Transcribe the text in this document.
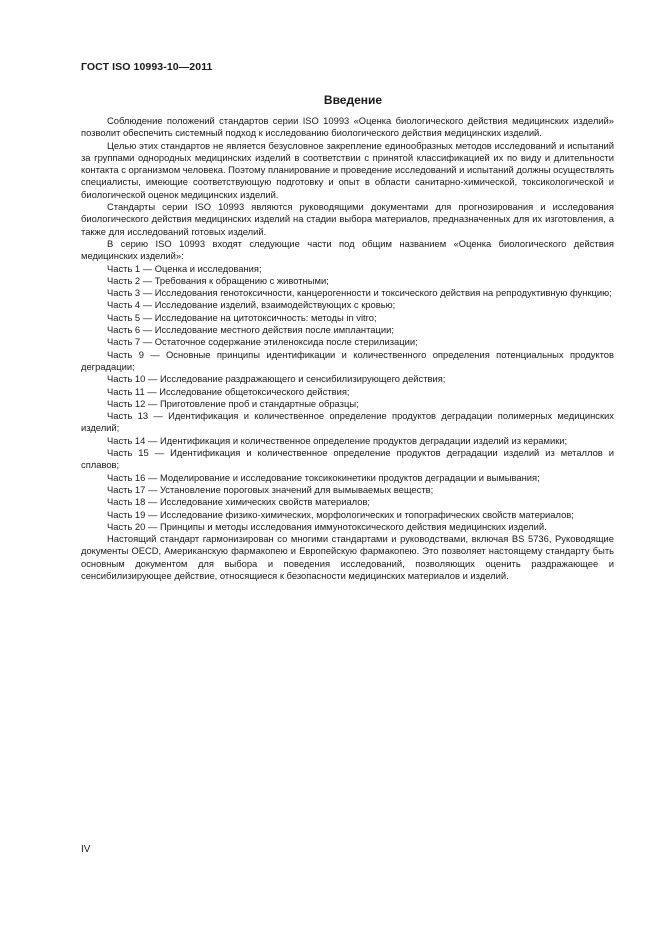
ГОСТ ISO 10993-10—2011
Введение

Соблюдение положений стандартов серии ISO 10993 «Оценка биологического действия медицинских изделий» позволит обеспечить системный подход к исследованию биологического действия медицинских изделий.

Целью этих стандартов не является безусловное закрепление единообразных методов исследований и испытаний за группами однородных медицинских изделий в соответствии с принятой классификацией их по виду и длительности контакта с организмом человека. Поэтому планирование и проведение исследований и испытаний должны осуществлять специалисты, имеющие соответствующую подготовку и опыт в области санитарно-химической, токсикологической и биологической оценок медицинских изделий.

Стандарты серии ISO 10993 являются руководящими документами для прогнозирования и исследования биологического действия медицинских изделий на стадии выбора материалов, предназначенных для их изготовления, а также для исследований готовых изделий.

В серию ISO 10993 входят следующие части под общим названием «Оценка биологического действия медицинских изделий»:

Часть 1 — Оценка и исследования;
Часть 2 — Требования к обращению с животными;
Часть 3 — Исследования генотоксичности, канцерогенности и токсического действия на репродуктивную функцию;
Часть 4 — Исследование изделий, взаимодействующих с кровью;
Часть 5 — Исследование на цитотоксичность: методы in vitro;
Часть 6 — Исследование местного действия после имплантации;
Часть 7 — Остаточное содержание этиленоксида после стерилизации;
Часть 9 — Основные принципы идентификации и количественного определения потенциальных продуктов деградации;
Часть 10 — Исследование раздражающего и сенсибилизирующего действия;
Часть 11 — Исследование общетоксического действия;
Часть 12 — Приготовление проб и стандартные образцы;
Часть 13 — Идентификация и количественное определение продуктов деградации полимерных медицинских изделий;
Часть 14 — Идентификация и количественное определение продуктов деградации изделий из керамики;
Часть 15 — Идентификация и количественное определение продуктов деградации изделий из металлов и сплавов;
Часть 16 — Моделирование и исследование токсикокинетики продуктов деградации и вымывания;
Часть 17 — Установление пороговых значений для вымываемых веществ;
Часть 18 — Исследование химических свойств материалов;
Часть 19 — Исследование физико-химических, морфологических и топографических свойств материалов;
Часть 20 — Принципы и методы исследования иммунотоксического действия медицинских изделий.

Настоящий стандарт гармонизирован со многими стандартами и руководствами, включая BS 5736, Руководящие документы OECD, Американскую фармакопею и Европейскую фармакопею. Это позволяет настоящему стандарту быть основным документом для выбора и поведения исследований, позволяющих оценить раздражающее и сенсибилизирующее действие, относящиеся к безопасности медицинских материалов и изделий.

IV
